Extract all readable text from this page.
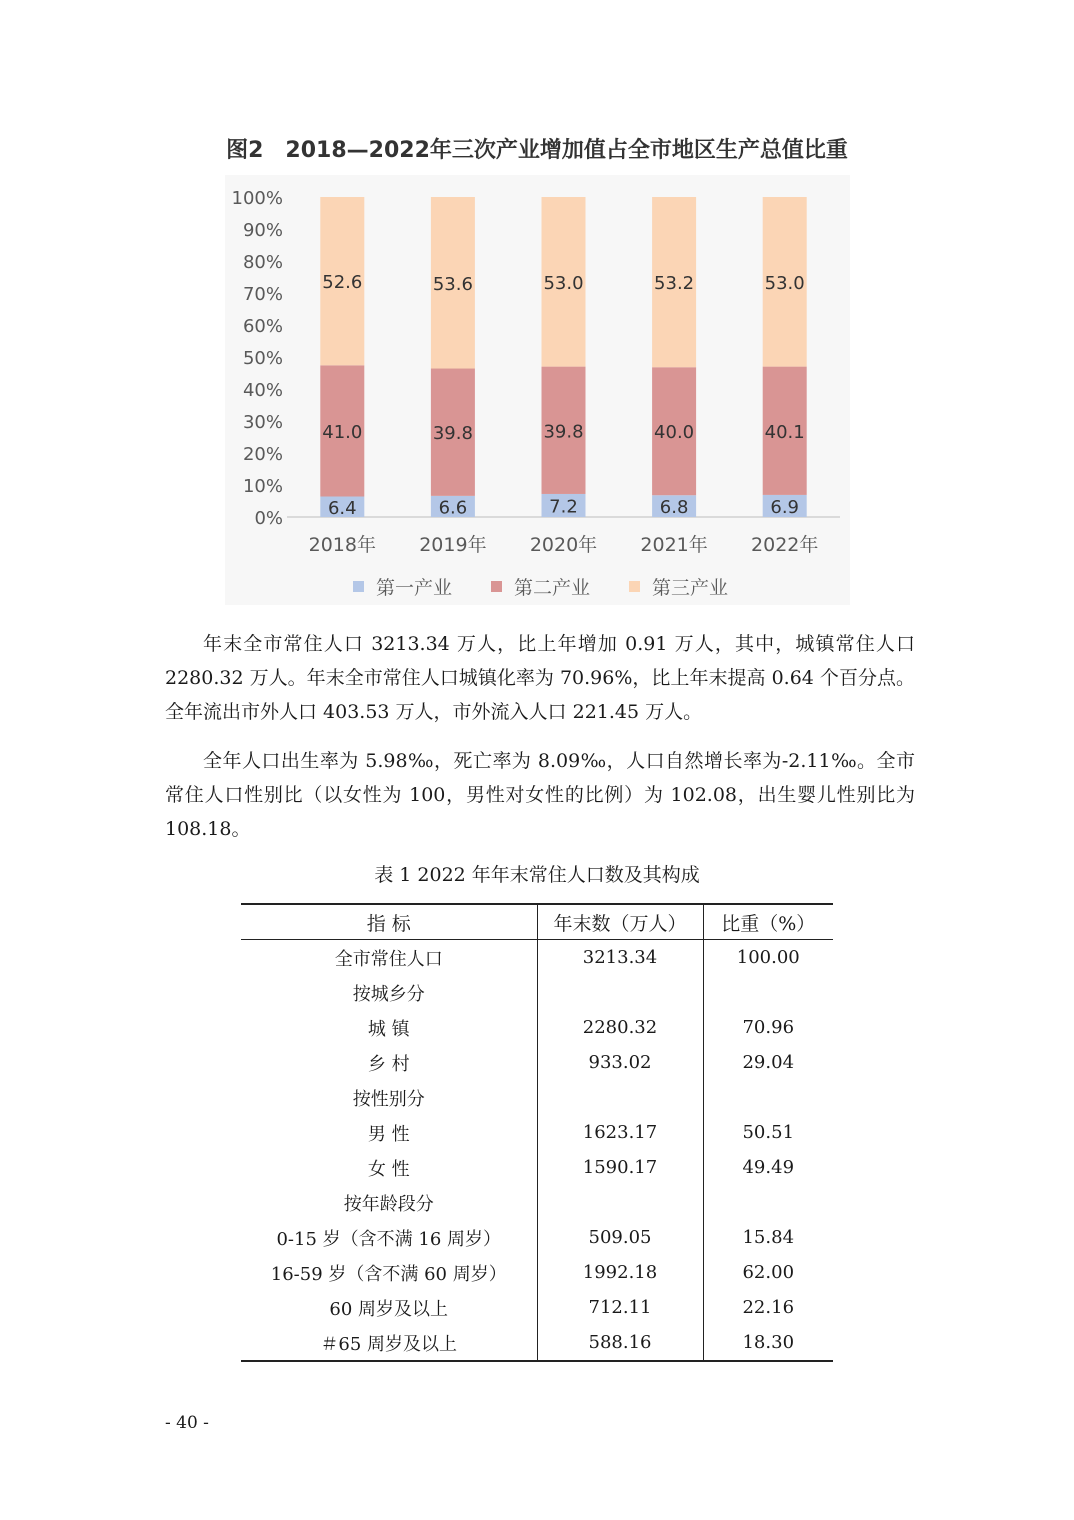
图2　2018—2022年三次产业增加值占全市地区生产总值比重
0%
10%
20%
30%
40%
50%
60%
70%
80%
90%
100%
6.4
41.0
52.6
2018年
6.6
39.8
53.6
2019年
7.2
39.8
53.0
2020年
6.8
40.0
53.2
2021年
6.9
40.1
53.0
2022年
第一产业	第二产业	第三产业

年末全市常住人口 3213.34 万人，比上年增加 0.91 万人，其中，城镇常住人口 2280.32 万人。年末全市常住人口城镇化率为 70.96%，比上年末提高 0.64 个百分点。全年流出市外人口 403.53 万人，市外流入人口 221.45 万人。

全年人口出生率为 5.98‰，死亡率为 8.09‰，人口自然增长率为-2.11‰。全市常住人口性别比（以女性为 100，男性对女性的比例）为 102.08，出生婴儿性别比为 108.18。

表 1 2022 年年末常住人口数及其构成
指 标	年末数（万人）	比重（%）
全市常住人口	3213.34	100.00
按城乡分		
城 镇	2280.32	70.96
乡 村	933.02	29.04
按性别分		
男 性	1623.17	50.51
女 性	1590.17	49.49
按年龄段分		
0-15 岁（含不满 16 周岁）	509.05	15.84
16-59 岁（含不满 60 周岁）	1992.18	62.00
60 周岁及以上	712.11	22.16
＃65 周岁及以上	588.16	18.30
- 40 -
